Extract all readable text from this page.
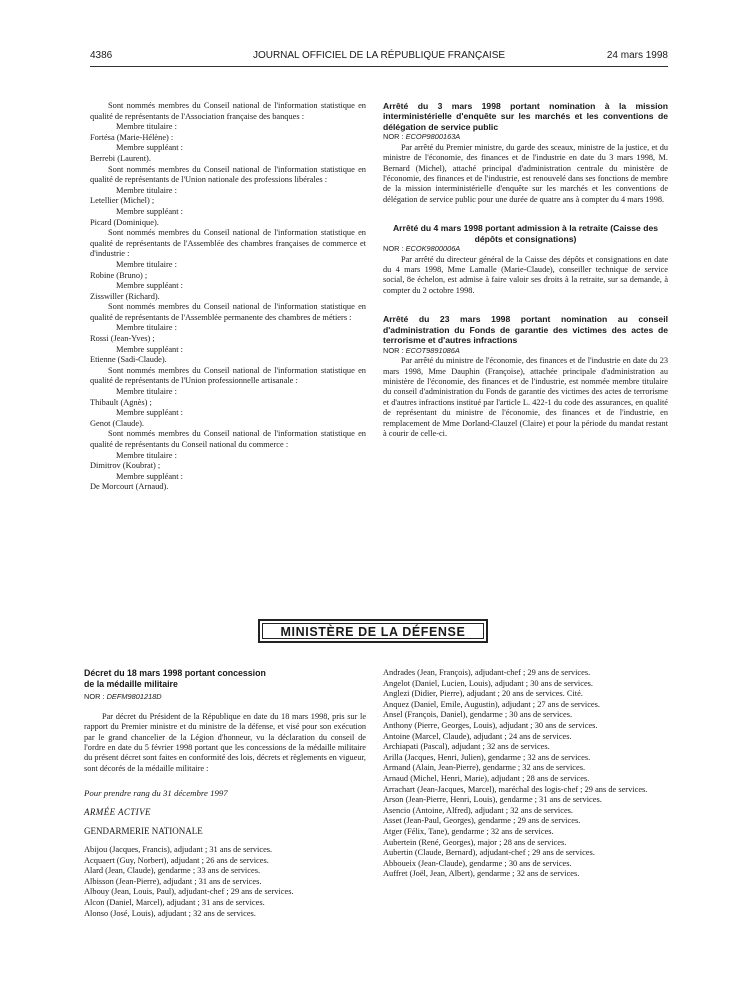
4386	JOURNAL OFFICIEL DE LA RÉPUBLIQUE FRANÇAISE	24 mars 1998

Sont nommés membres du Conseil national de l'information statistique en qualité de représentants de l'Association française des banques :

Membre titulaire :

Fortésa (Marie-Hélène) :

Membre suppléant :

Berrebi (Laurent).

Sont nommés membres du Conseil national de l'information statistique en qualité de représentants de l'Union nationale des professions libérales :

Membre titulaire :

Letellier (Michel) ;

Membre suppléant :

Picard (Dominique).

Sont nommés membres du Conseil national de l'information statistique en qualité de représentants de l'Assemblée des chambres françaises de commerce et d'industrie :

Membre titulaire :

Robine (Bruno) ;

Membre suppléant :

Zisswiller (Richard).

Sont nommés membres du Conseil national de l'information statistique en qualité de représentants de l'Assemblée permanente des chambres de métiers :

Membre titulaire :

Rossi (Jean-Yves) ;

Membre suppléant :

Etienne (Sadi-Claude).

Sont nommés membres du Conseil national de l'information statistique en qualité de représentants de l'Union professionnelle artisanale :

Membre titulaire :

Thibault (Agnès) ;

Membre suppléant :

Genot (Claude).

Sont nommés membres du Conseil national de l'information statistique en qualité de représentants du Conseil national du commerce :

Membre titulaire :

Dimitrov (Koubrat) ;

Membre suppléant :

De Morcourt (Arnaud).

Arrêté du 3 mars 1998 portant nomination à la mission interministérielle d'enquête sur les marchés et les conventions de délégation de service public

NOR : ECOP9800163A

Par arrêté du Premier ministre, du garde des sceaux, ministre de la justice, et du ministre de l'économie, des finances et de l'industrie en date du 3 mars 1998, M. Bernard (Michel), attaché principal d'administration centrale du ministère de l'économie, des finances et de l'industrie, est renouvelé dans ses fonctions de membre de la mission interministérielle d'enquête sur les marchés et les conventions de délégation de service public pour une durée de quatre ans à compter du 4 mars 1998.

Arrêté du 4 mars 1998 portant admission à la retraite (Caisse des dépôts et consignations)

NOR : ECOK9800006A

Par arrêté du directeur général de la Caisse des dépôts et consignations en date du 4 mars 1998, Mme Lamalle (Marie-Claude), conseiller technique de service social, 8e échelon, est admise à faire valoir ses droits à la retraite, sur sa demande, à compter du 2 octobre 1998.

Arrêté du 23 mars 1998 portant nomination au conseil d'administration du Fonds de garantie des victimes des actes de terrorisme et d'autres infractions

NOR : ECOT9891086A

Par arrêté du ministre de l'économie, des finances et de l'industrie en date du 23 mars 1998, Mme Dauphin (Françoise), attachée principale d'administration au ministère de l'économie, des finances et de l'industrie, est nommée membre titulaire du conseil d'administration du Fonds de garantie des victimes des actes de terrorisme et d'autres infractions institué par l'article L. 422-1 du code des assurances, en qualité de représentant du ministre de l'économie, des finances et de l'industrie, en remplacement de Mme Dorland-Clauzel (Claire) et pour la période du mandat restant à courir de celle-ci.

MINISTÈRE DE LA DÉFENSE

Décret du 18 mars 1998 portant concession

de la médaille militaire

NOR : DEFM9801218D

Par décret du Président de la République en date du 18 mars 1998, pris sur le rapport du Premier ministre et du ministre de la défense, et visé pour son exécution par le grand chancelier de la Légion d'honneur, vu la déclaration du conseil de l'ordre en date du 5 février 1998 portant que les concessions de la médaille militaire du présent décret sont faites en conformité des lois, décrets et règlements en vigueur, sont décorés de la médaille militaire :

Pour prendre rang du 31 décembre 1997

ARMÉE ACTIVE

GENDARMERIE NATIONALE

Abijou (Jacques, Francis), adjudant ; 31 ans de services.

Acquaert (Guy, Norbert), adjudant ; 26 ans de services.

Alard (Jean, Claude), gendarme ; 33 ans de services.

Albisson (Jean-Pierre), adjudant ; 31 ans de services.

Albouy (Jean, Louis, Paul), adjudant-chef ; 29 ans de services.

Alcon (Daniel, Marcel), adjudant ; 31 ans de services.

Alonso (José, Louis), adjudant ; 32 ans de services.

Andrades (Jean, François), adjudant-chef ; 29 ans de services.

Angelot (Daniel, Lucien, Louis), adjudant ; 30 ans de services.

Anglezi (Didier, Pierre), adjudant ; 20 ans de services. Cité.

Anquez (Daniel, Emile, Augustin), adjudant ; 27 ans de services.

Ansel (François, Daniel), gendarme ; 30 ans de services.

Anthony (Pierre, Georges, Louis), adjudant ; 30 ans de services.

Antoine (Marcel, Claude), adjudant ; 24 ans de services.

Archiapati (Pascal), adjudant ; 32 ans de services.

Arilla (Jacques, Henri, Julien), gendarme ; 32 ans de services.

Armand (Alain, Jean-Pierre), gendarme ; 32 ans de services.

Arnaud (Michel, Henri, Marie), adjudant ; 28 ans de services.

Arrachart (Jean-Jacques, Marcel), maréchal des logis-chef ; 29 ans de services.

Arson (Jean-Pierre, Henri, Louis), gendarme ; 31 ans de services.

Asencio (Antoine, Alfred), adjudant ; 32 ans de services.

Asset (Jean-Paul, Georges), gendarme ; 29 ans de services.

Atger (Félix, Tane), gendarme ; 32 ans de services.

Aubertein (René, Georges), major ; 28 ans de services.

Aubertin (Claude, Bernard), adjudant-chef ; 29 ans de services.

Abboueix (Jean-Claude), gendarme ; 30 ans de services.

Auffret (Joël, Jean, Albert), gendarme ; 32 ans de services.
